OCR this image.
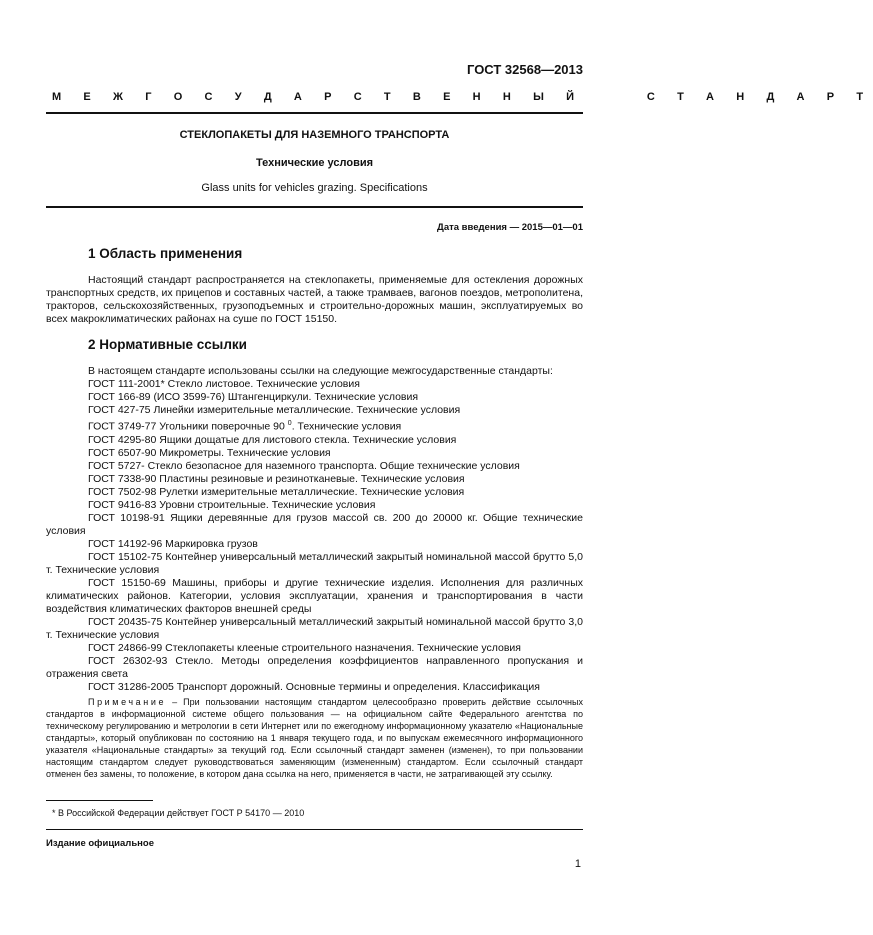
ГОСТ 32568—2013
М Е Ж Г О С У Д А Р С Т В Е Н Н Ы Й     С Т А Н Д А Р Т
СТЕКЛОПАКЕТЫ ДЛЯ НАЗЕМНОГО ТРАНСПОРТА
Технические условия
Glass units for vehicles grazing. Specifications
Дата введения — 2015—01—01
1 Область применения
Настоящий стандарт распространяется на стеклопакеты, применяемые для остекления дорожных транспортных средств, их прицепов и составных частей, а также трамваев, вагонов поездов, метрополитена, тракторов, сельскохозяйственных, грузоподъемных и строительно-дорожных машин, эксплуатируемых во всех макроклиматических районах на суше по ГОСТ 15150.
2 Нормативные ссылки

В настоящем стандарте использованы ссылки на следующие межгосударственные стандарты:

ГОСТ 111-2001* Стекло листовое. Технические условия

ГОСТ 166-89 (ИСО 3599-76) Штангенциркули. Технические условия

ГОСТ 427-75 Линейки измерительные металлические. Технические условия

ГОСТ 3749-77 Угольники поверочные 90 $^0$. Технические условия

ГОСТ 4295-80 Ящики дощатые для листового стекла. Технические условия

ГОСТ 6507-90 Микрометры. Технические условия

ГОСТ 5727- Стекло безопасное для наземного транспорта. Общие технические условия

ГОСТ 7338-90 Пластины резиновые и резинотканевые. Технические условия

ГОСТ 7502-98 Рулетки измерительные металлические. Технические условия

ГОСТ 9416-83 Уровни строительные. Технические условия

ГОСТ 10198-91 Ящики деревянные для грузов массой св. 200 до 20000 кг. Общие технические условия

ГОСТ 14192-96 Маркировка грузов

ГОСТ 15102-75 Контейнер универсальный металлический закрытый номинальной массой брутто 5,0 т. Технические условия

ГОСТ 15150-69 Машины, приборы и другие технические изделия. Исполнения для различных климатических районов. Категории, условия эксплуатации, хранения и транспортирования в части воздействия климатических факторов внешней среды

ГОСТ 20435-75 Контейнер универсальный металлический закрытый номинальной массой брутто 3,0 т. Технические условия

ГОСТ 24866-99 Стеклопакеты клееные строительного назначения. Технические условия

ГОСТ 26302-93 Стекло. Методы определения коэффициентов направленного пропускания и отражения света

ГОСТ 31286-2005 Транспорт дорожный. Основные термины и определения. Классификация

Примечание – При пользовании настоящим стандартом целесообразно проверить действие ссылочных стандартов в информационной системе общего пользования — на официальном сайте Федерального агентства по техническому регулированию и метрологии в сети Интернет или по ежегодному информационному указателю «Национальные стандарты», который опубликован по состоянию на 1 января текущего года, и по выпускам ежемесячного информационного указателя «Национальные стандарты» за текущий год. Если ссылочный стандарт заменен (изменен), то при пользовании настоящим стандартом следует руководствоваться заменяющим (измененным) стандартом. Если ссылочный стандарт отменен без замены, то положение, в котором дана ссылка на него, применяется в части, не затрагивающей эту ссылку.
* В Российской Федерации действует ГОСТ Р 54170 — 2010
Издание официальное
1
